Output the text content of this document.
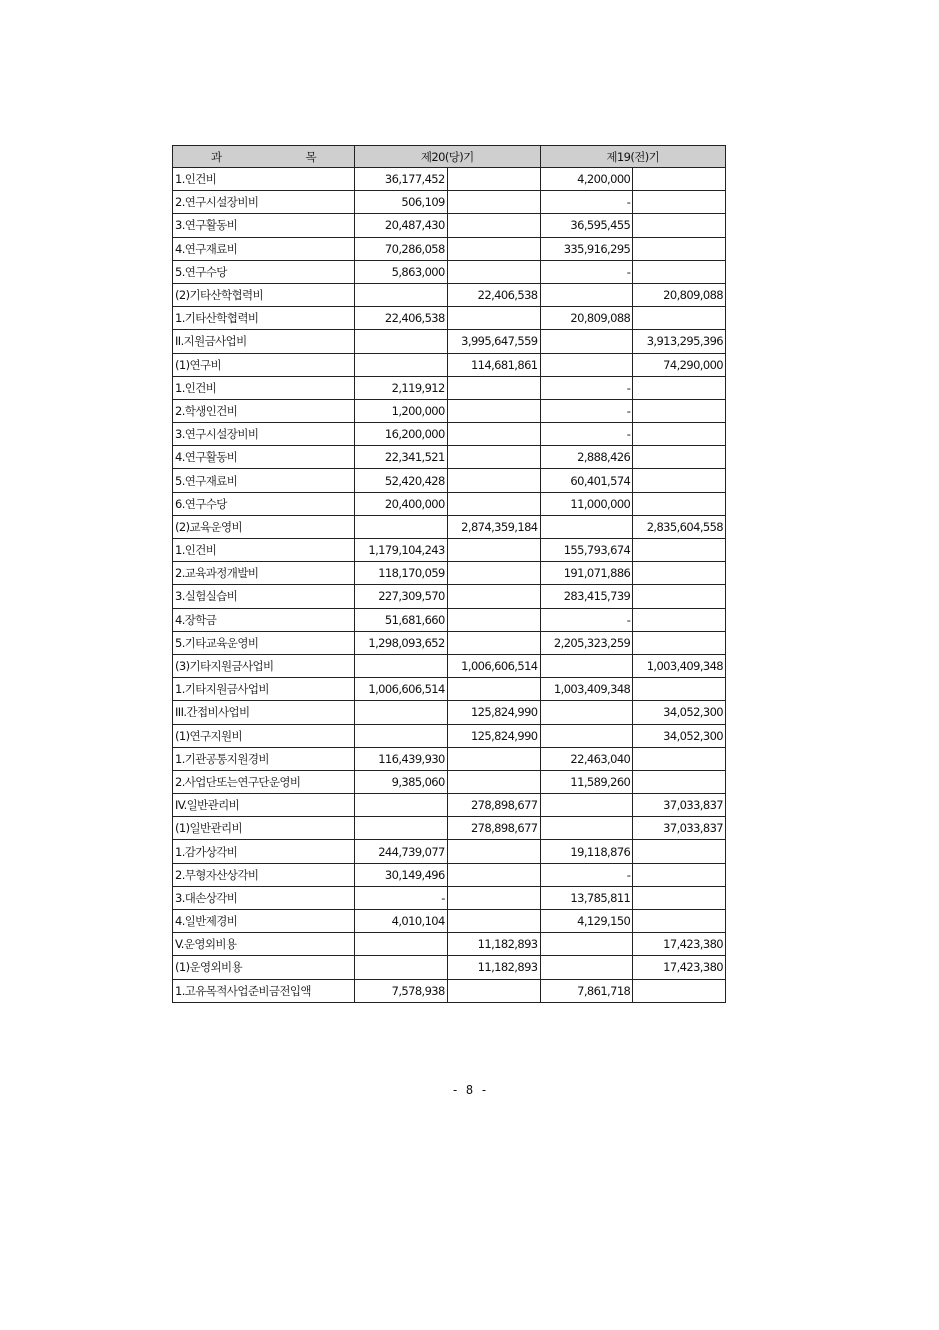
과 목	제20(당)기		제19(전)기	
1.인건비	36,177,452		4,200,000	
2.연구시설장비비	506,109		-	
3.연구활동비	20,487,430		36,595,455	
4.연구재료비	70,286,058		335,916,295	
5.연구수당	5,863,000		-	
(2)기타산학협력비		22,406,538		20,809,088
1.기타산학협력비	22,406,538		20,809,088	
II.지원금사업비		3,995,647,559		3,913,295,396
(1)연구비		114,681,861		74,290,000
1.인건비	2,119,912		-	
2.학생인건비	1,200,000		-	
3.연구시설장비비	16,200,000		-	
4.연구활동비	22,341,521		2,888,426	
5.연구재료비	52,420,428		60,401,574	
6.연구수당	20,400,000		11,000,000	
(2)교육운영비		2,874,359,184		2,835,604,558
1.인건비	1,179,104,243		155,793,674	
2.교육과정개발비	118,170,059		191,071,886	
3.실험실습비	227,309,570		283,415,739	
4.장학금	51,681,660		-	
5.기타교육운영비	1,298,093,652		2,205,323,259	
(3)기타지원금사업비		1,006,606,514		1,003,409,348
1.기타지원금사업비	1,006,606,514		1,003,409,348	
III.간접비사업비		125,824,990		34,052,300
(1)연구지원비		125,824,990		34,052,300
1.기관공통지원경비	116,439,930		22,463,040	
2.사업단또는연구단운영비	9,385,060		11,589,260	
IV.일반관리비		278,898,677		37,033,837
(1)일반관리비		278,898,677		37,033,837
1.감가상각비	244,739,077		19,118,876	
2.무형자산상각비	30,149,496		-	
3.대손상각비	-		13,785,811	
4.일반제경비	4,010,104		4,129,150	
V.운영외비용		11,182,893		17,423,380
(1)운영외비용		11,182,893		17,423,380
1.고유목적사업준비금전입액	7,578,938		7,861,718	
- 8 -
